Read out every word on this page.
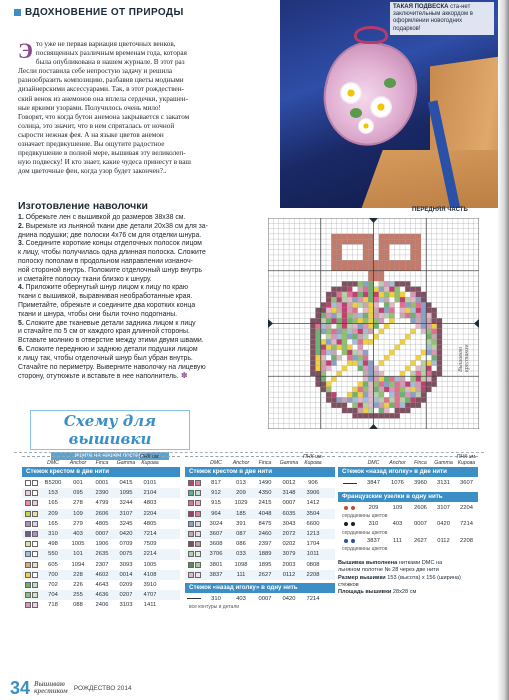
ВДОХНОВЕНИЕ ОТ ПРИРОДЫ
Э то уже не первая вариация цветочных венков,
посвященных различным временам года, которая
была опубликована в нашем журнале. В этот раз
Лесли поставила себе непростую задачу и решила
разнообразить композицию, разбавив цветы модными
дизайнерскими аксессуарами. Так, в этот рождествен-
ский венок из анемонов она вплела сердечки, украшен-
ные яркими узорами. Получилось очень мило!
Говорят, что когда бутон анемона закрывается с закатом
солнца, это значит, что в нем спряталась от ночной
сырости нежная фея. А на языке цветов анемон
означает предвкушение. Вы ощутите радостное
предвкушение в полной мере, вышивая эту великолеп-
ную подвеску! И кто знает, какие чудеса принесут в ваш
дом цветочные феи, когда узор будет закончен?..
ТАКАЯ ПОДВЕСКА ста-нет заключительным аккордом в оформлении новогодних подарков!
Изготовление наволочки
1. Обрежьте лен с вышивкой до размеров 38х38 см.
2. Вырежьте из льняной ткани две детали 20х38 см для за-
днина подушки; две полоски 4х76 см для отделки шнура.
3. Соедините короткие концы отделочных полосок лицом
к лицу, чтобы получилась одна длинная полоска. Сложите
полоску пополам в продольном направлении изнаноч-
ной стороной внутрь. Положите отделочный шнур внутрь
и сметайте полоску ткани близко к шнуру.
4. Приложите обернутый шнур лицом к лицу по краю
ткани с вышивкой, выравнивая необработанные края.
Приметайте, обрежьте и соедините два коротких конца
ткани и шнура, чтобы они были точно подогнаны.
5. Сложите две тканевые детали задника лицом к лицу
и стачайте по 5 см от каждого края длинной стороны.
Вставьте молнию в отверстие между этими двумя швами.
6. Сложите переднюю и заднюю детали подушки лицом
к лицу так, чтобы отделочный шнур был убран внутрь.
Стачайте по периметру. Выверните наволочку на лицевую
сторону, отутюжьте и вставьте в нее наполнитель. ✽
Схему для вышивки
ищите на нашем постере
ПЕРЕДНЯЯ ЧАСТЬ
Вышиваю крестиком
DMC	Anchor	Finca	Gamma
ПНК им. Кирова
Стежок крестом в две нити
B5200	001	0001	0415	0101
153	095	2390	1095	2104
165	278	4799	3244	4803
209	109	2606	3107	2204
165	279	4805	3245	4805
310	403	0007	0420	7214
498	1005	1906	0709	7509
550	101	2635	0075	2214
605	1094	2307	3093	1005
700	228	4602	0014	4108
702	226	4643	0209	3910
704	255	4636	0207	4707
718	088	2406	3103	1411
DMC	Anchor	Finca	Gamma
ПНК им. Кирова
Стежок крестом в две нити
817	013	1490	0012	906
912	209	4350	3148	3906
915	1029	2415	0007	1412
964	185	4048	6035	3504
3024	391	8475	3043	6600
3607	087	2460	2072	1213
3608	086	2397	0202	1704
3706	033	1889	3079	1011
3801	1098	1895	2003	0808
3837	111	2627	0112	2208
Стежок «назад иголку» в одну нить
310	403	0007	0420	7214
все контуры и детали
DMC	Anchor	Finca	Gamma
ПНК им. Кирова
Стежок «назад иголку» в две нити
3847	1076	3960	3131	3607
Французские узелки в одну нить
209	109	2606	3107	2204
сердцевины цветов
310	403	0007	0420	7214
сердцевины цветов
3837	111	2627	0112	2208
сердцевины цветов
Вышивка выполнена нитками DMC на
льняном полотне № 28 через две нити
Размер вышивки 153 (высота) x 156 (ширина) стежков
Площадь вышивки 28x28 см
34 Вышиваю
крестиком РОЖДЕСТВО 2014
